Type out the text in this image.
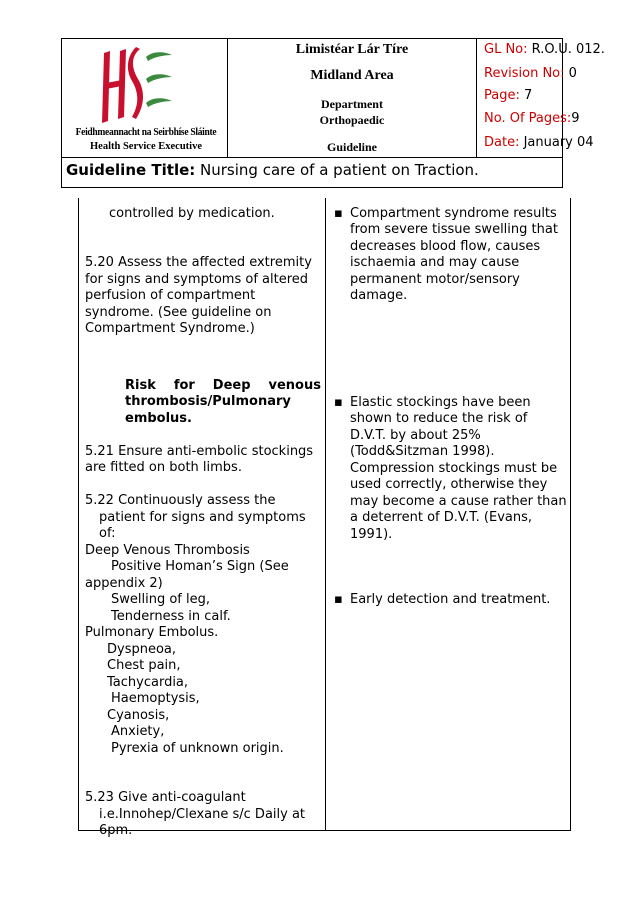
Feidhmeannacht na Seirbhíse Sláinte
Health Service Executive
Limistéar Lár Tíre
Midland Area
Department
Orthopaedic
Guideline
GL No: R.O.U. 012.
Revision No: 0
Page: 7
No. Of Pages:9
Date: January 04
Guideline Title: Nursing care of a patient on Traction.

controlled by medication.

5.20 Assess the affected extremity

for signs and symptoms of altered

perfusion of compartment

syndrome. (See guideline on

Compartment Syndrome.)

Risk for Deep venous

thrombosis/Pulmonary

embolus.

5.21 Ensure anti-embolic stockings

are fitted on both limbs.

5.22 Continuously assess the

patient for signs and symptoms

of:

Deep Venous Thrombosis

Positive Homan’s Sign (See

appendix 2)

Swelling of leg,

Tenderness in calf.

Pulmonary Embolus.

Dyspneoa,

Chest pain,

Tachycardia,

Haemoptysis,

Cyanosis,

Anxiety,

Pyrexia of unknown origin.

5.23 Give anti-coagulant

i.e.Innohep/Clexane s/c Daily at

6pm.

▪ Compartment syndrome results

from severe tissue swelling that

decreases blood flow, causes

ischaemia and may cause

permanent motor/sensory

damage.

▪ Elastic stockings have been

shown to reduce the risk of

D.V.T. by about 25%

(Todd&Sitzman 1998).

Compression stockings must be

used correctly, otherwise they

may become a cause rather than

a deterrent of D.V.T. (Evans,

1991).

▪ Early detection and treatment.
